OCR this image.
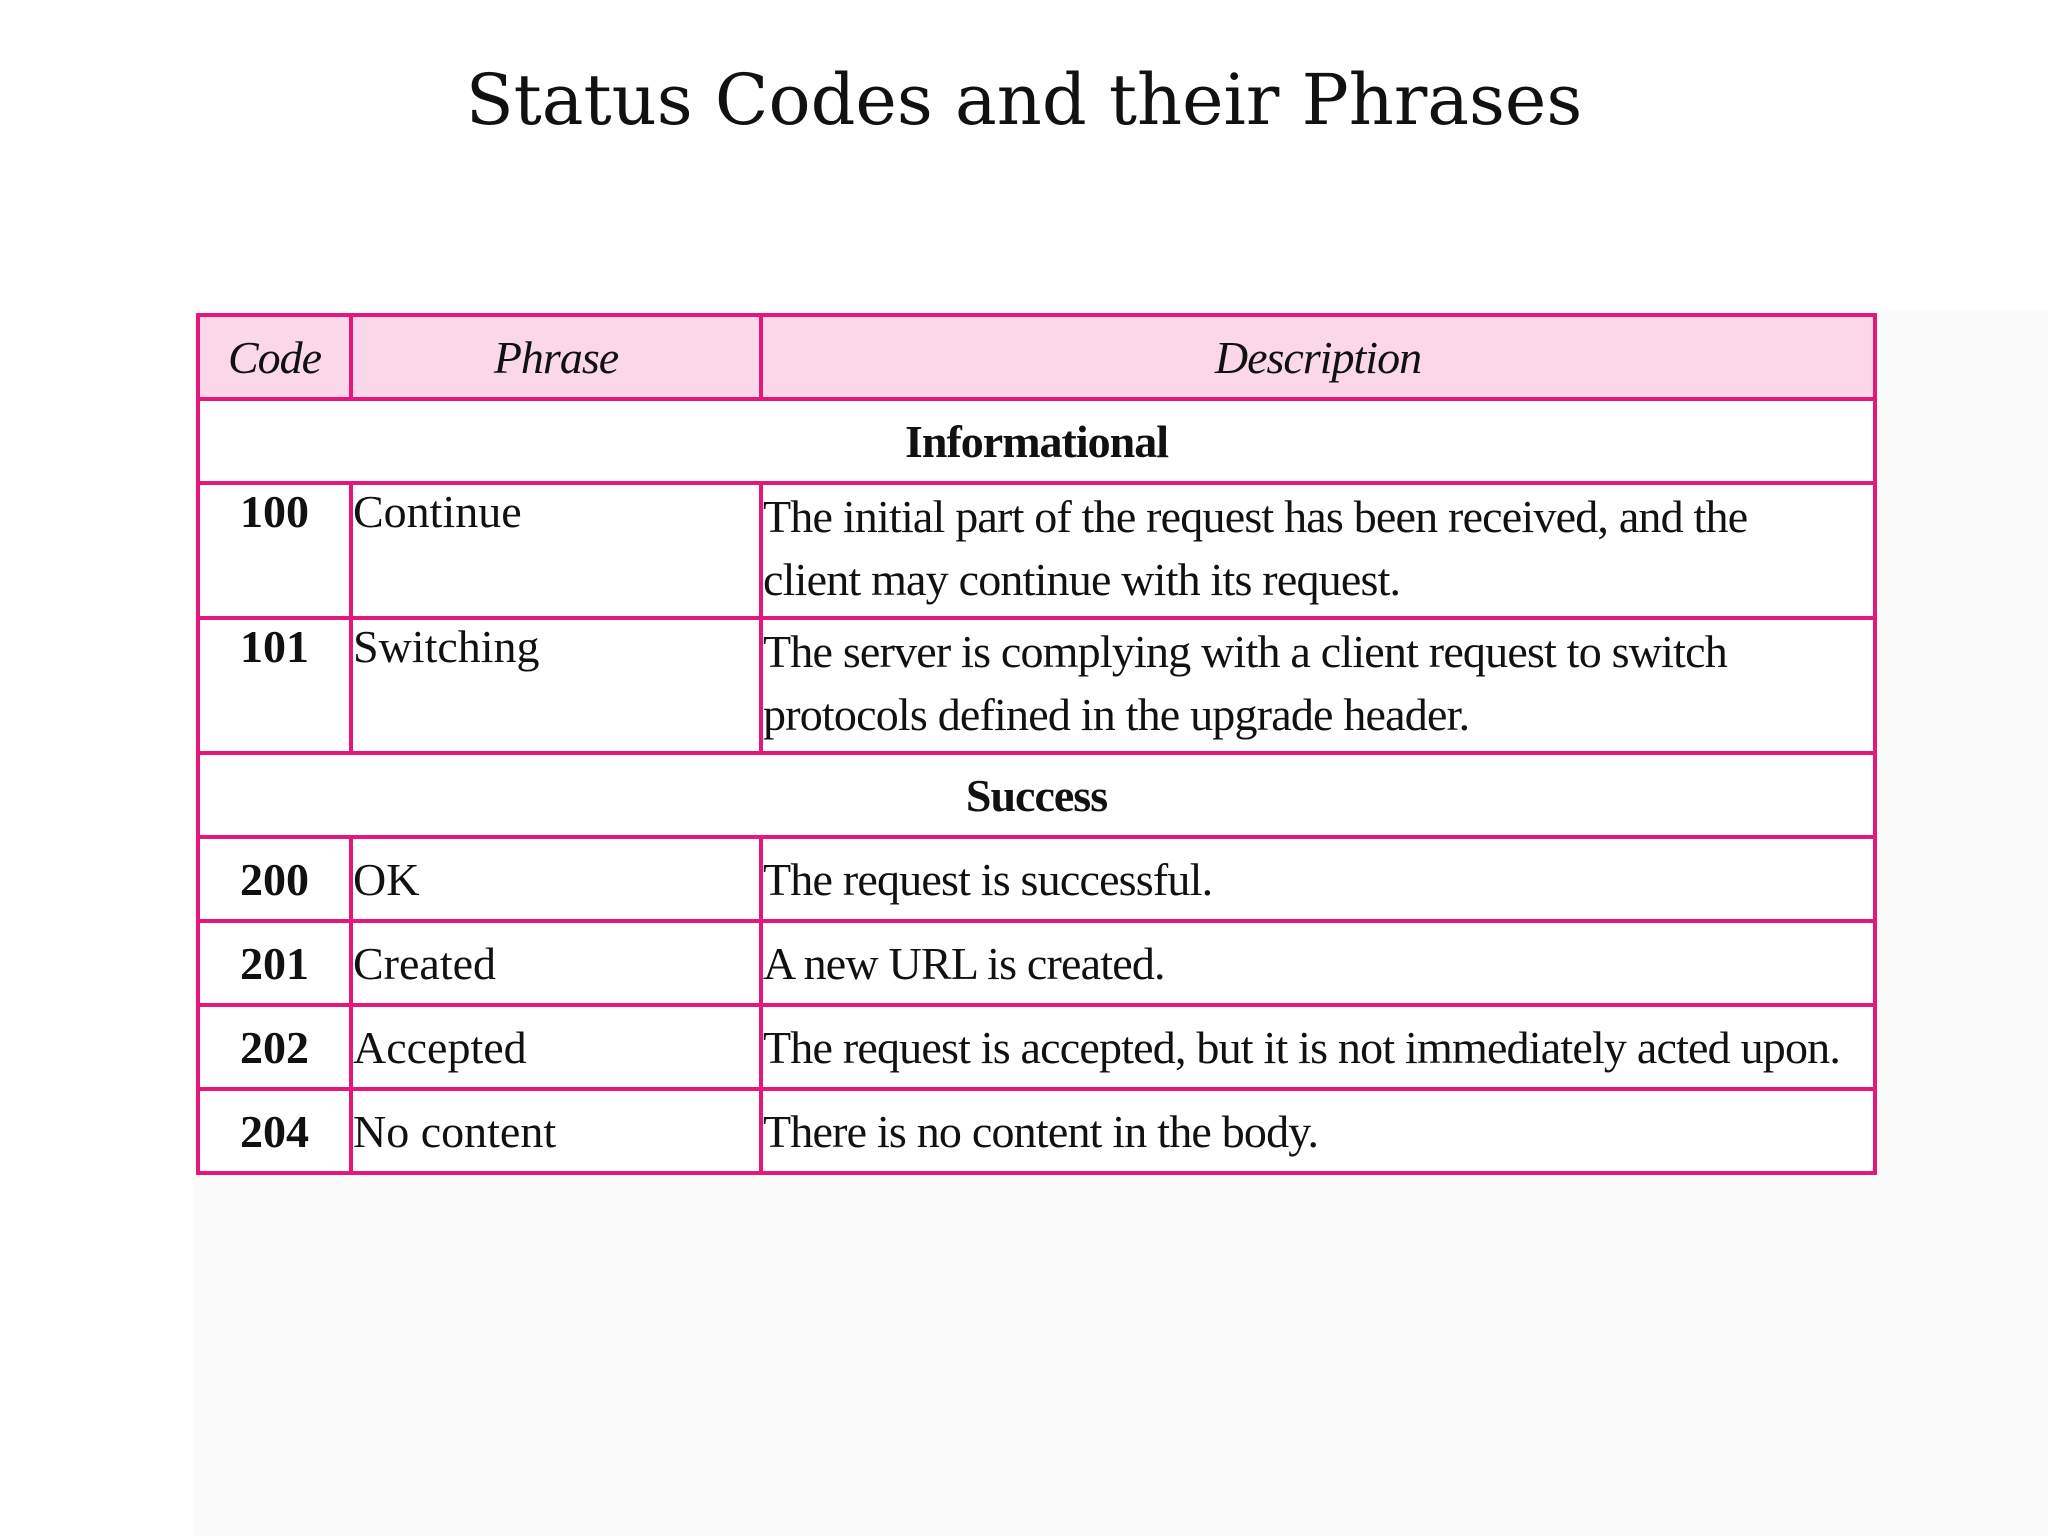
Status Codes and their Phrases
Code	Phrase	Description
Informational		
100	Continue	The initial part of the request has been received, and the
client may continue with its request.

101	Switching	The server is complying with a client request to switch
protocols defined in the upgrade header.

Success		
200	OK	The request is successful.
201	Created	A new URL is created.
202	Accepted	The request is accepted, but it is not immediately acted upon.
204	No content	There is no content in the body.
